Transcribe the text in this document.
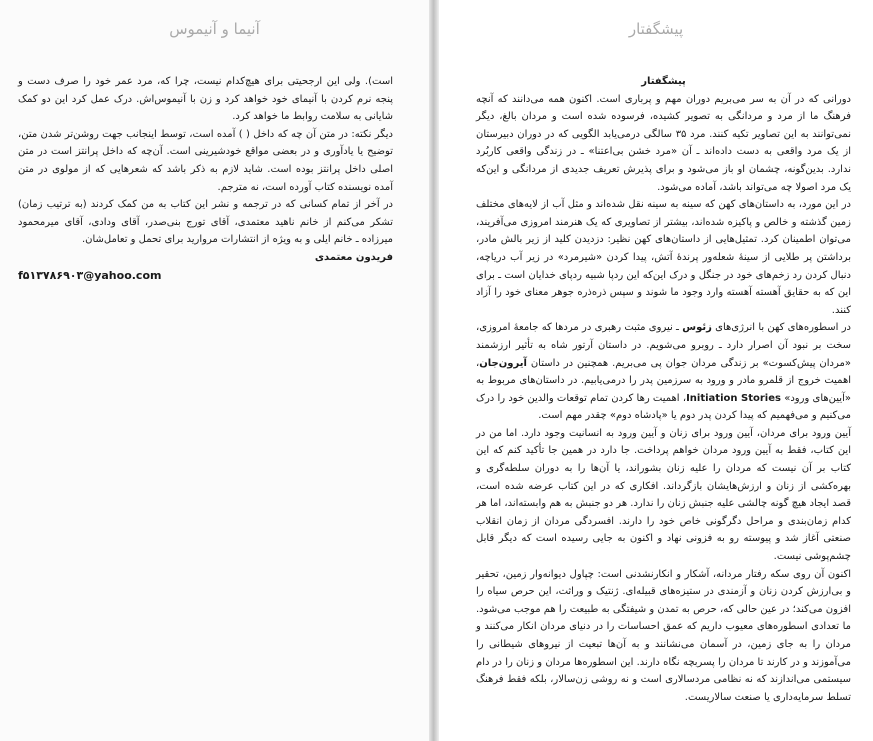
آنیما و آنیموس

است). ولی این ارجحیتی برای هیچ‌کدام نیست، چرا که، مرد عمر خود را صرف دست و پنجه نرم کردن با آنیمای خود خواهد کرد و زن با آنیموس‌اش. درک عمل کرد این دو کمک شایانی به سلامت روابط ما خواهد کرد.

دیگر نکته: در متن آن چه که داخل ( ) آمده است، توسط اینجانب جهت روشن‌تر شدن متن، توضیح یا یادآوری و در بعضی مواقع خودشیرینی است. آن‌چه که داخل پرانتز است در متن اصلی داخل پرانتز بوده است. شاید لازم به ذکر باشد که شعرهایی که از مولوی در متن آمده نویسنده کتاب آورده است، نه مترجم.

در آخر از تمام کسانی که در ترجمه و نشر این کتاب به من کمک کردند (به ترتیب زمان) تشکر می‌کنم از خانم ناهید معتمدی، آقای تورج بنی‌صدر، آقای وداد‌ی، آقای میرمحمود میرزاده ـ خانم ایلی و به ویژه از انتشارات مروارید برای تحمل و تعامل‌شان.

فریدون معتمدی

f۵۱۳۷۸۶۹۰۳@yahoo.com

پیشگفتار

پیشگفتار

دورانی که در آن به سر می‌بریم دوران مهم و پرباری است. اکنون همه می‌دانند که آنچه فرهنگ ما از مرد و مردانگی به تصویر کشیده، فرسوده شده است و مردان بالغ، دیگر نمی‌توانند به این تصاویر تکیه کنند. مرد ۳۵ سالگی درمی‌یابد الگویی که در دوران دبیرستان از یک مرد واقعی به دست داده‌اند ـ آن «مرد خشن بی‌اعتنا» ـ در زندگی واقعی کاربُرد ندارد. بدین‌گونه، چشمان او باز می‌شود و برای پذیرش تعریف جدیدی از مردانگی و این‌که یک مرد اصولا چه می‌تواند باشد، آماده می‌شود.

در این مورد، به داستان‌های کهن که سینه به سینه نقل شده‌اند و مثل آب از لایه‌های مختلف زمین گذشته و خالص و پاکیزه شده‌اند، بیشتر از تصاویری که یک هنرمند امروزی می‌آفریند، می‌توان اطمینان کرد. تمثیل‌هایی از داستان‌های کهن نظیر: دزدیدن کلید از زیر بالش مادر، برداشتن پر طلایی از سینهٔ شعله‌ور پرندهٔ آتش، پیدا کردن «شیرمرد» در زیر آب دریاچه، دنبال کردن رد زخم‌های خود در جنگل و درک این‌که این ردپا شبیه ردپای خدایان است ـ برای این که به حقایق آهسته آهسته وارد وجود ما شوند و سپس ذره‌ذره جوهر معنای خود را آزاد کنند.

در اسطوره‌های کهن با انرژی‌های زئوس ـ نیروی مثبت رهبری در مردها که جامعهٔ امروزی، سخت بر نبود آن اصرار دارد ـ روبرو می‌شویم. در داستان آرتور شاه به تأثیر ارزشمند «مردان پیش‌کسوت» بر زندگی مردان جوان پی می‌بریم. همچنین در داستان آیرون‌جان، اهمیت خروج از قلمرو مادر و ورود به سرزمین پدر را درمی‌یابیم. در داستان‌های مربوط به «آیین‌های ورود» Initiation Stories، اهمیت رها کردن تمام توقعات والدین خود را درک می‌کنیم و می‌فهمیم که پیدا کردن پدر دوم یا «پادشاه دوم» چقدر مهم است.

آیین ورود برای مردان، آیین ورود برای زنان و آیین ورود به انسانیت وجود دارد. اما من در این کتاب، فقط به آیین ورود مردان خواهم پرداخت. جا دارد در همین جا تأکید کنم که این کتاب بر آن نیست که مردان را علیه زنان بشوراند، یا آن‌ها را به دوران سلطه‌گری و بهره‌کشی از زنان و ارزش‌هایشان بازگرداند. افکاری که در این کتاب عرضه شده است، قصد ایجاد هیچ گونه چالشی علیه جنبش زنان را ندارد. هر دو جنبش به هم وابسته‌اند، اما هر کدام زمان‌بندی و مراحل دگرگونی خاص خود را دارند. افسردگی مردان از زمان انقلاب صنعتی آغاز شد و پیوسته رو به فزونی نهاد و اکنون به جایی رسیده است که دیگر قابل چشم‌پوشی نیست.

اکنون آن روی سکه رفتار مردانه، آشکار و انکارنشدنی است: چپاول دیوانه‌وار زمین، تحقیر و بی‌ارزش کردن زنان و آزمندی در ستیزه‌های قبیله‌ای. ژنتیک و وراثت، این حرص سیاه را افزون می‌کند؛ در عین حالی که، حرص به تمدن و شیفتگی به طبیعت را هم موجب می‌شود. ما تعدادی اسطوره‌های معیوب داریم که عمق احساسات را در دنیای مردان انکار می‌کنند و مردان را به جای زمین، در آسمان می‌نشانند و به آن‌ها تبعیت از نیروهای شیطانی را می‌آموزند و در کارند تا مردان را پسربچه نگاه دارند. این اسطوره‌ها مردان و زنان را در دام سیستمی می‌اندازند که نه نظامی مردسالاری است و نه روشی زن‌سالار، بلکه فقط فرهنگ تسلط سرمایه‌داری یا صنعت سالاریست.
